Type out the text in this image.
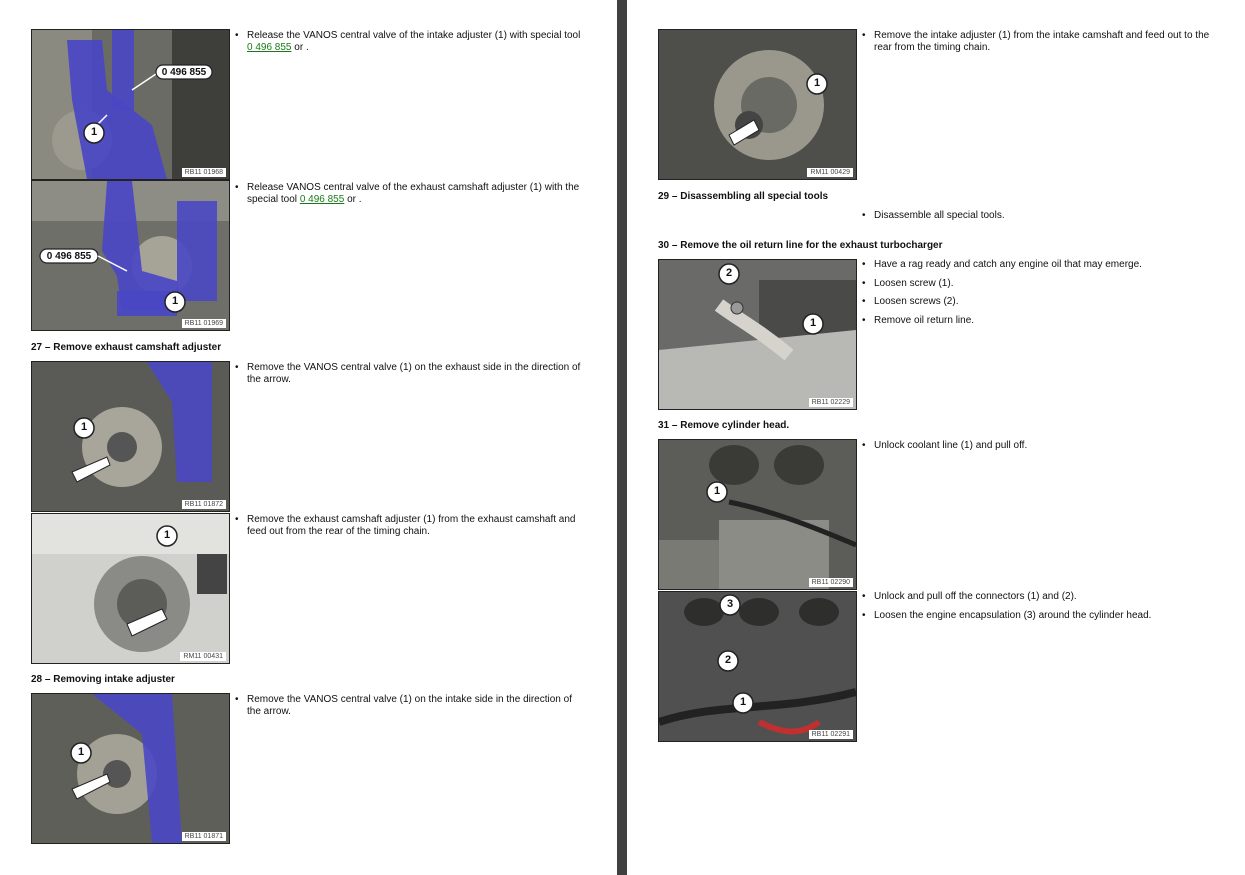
0 496 855
1
RB11 01968
• Release the VANOS central valve of the intake adjuster (1) with special tool 0 496 855 or .
0 496 855
1
RB11 01969
• Release VANOS central valve of the exhaust camshaft adjuster (1) with the special tool 0 496 855 or .
27 – Remove exhaust camshaft adjuster
1
RB11 01872
• Remove the VANOS central valve (1) on the exhaust side in the direction of the arrow.
1
RM11 00431
• Remove the exhaust camshaft adjuster (1) from the exhaust camshaft and feed out from the rear of the timing chain.
28 – Removing intake adjuster
1
RB11 01871
• Remove the VANOS central valve (1) on the intake side in the direction of the arrow.
1
RM11 00429
• Remove the intake adjuster (1) from the intake camshaft and feed out to the rear from the timing chain.
29 – Disassembling all special tools
• Disassemble all special tools.
30 – Remove the oil return line for the exhaust turbocharger
2
1
RB11 02229
• Have a rag ready and catch any engine oil that may emerge.
• Loosen screw (1).
• Loosen screws (2).
• Remove oil return line.
31 – Remove cylinder head.
1
RB11 02290
• Unlock coolant line (1) and pull off.
3
2
1
RB11 02291
• Unlock and pull off the connectors (1) and (2).
• Loosen the engine encapsulation (3) around the cylinder head.
